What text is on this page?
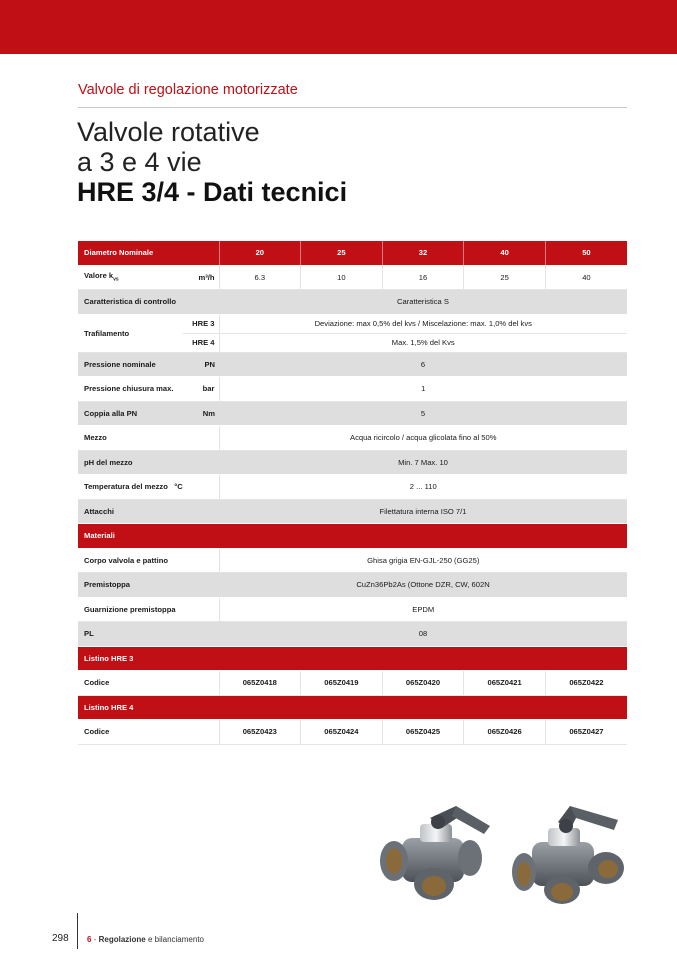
Valvole di regolazione motorizzate
Valvole rotative
a 3 e 4 vie
HRE 3/4 - Dati tecnici
Diametro Nominale		20	25	32	40	50
Valore $k_{vs}$	m³/h	6.3	10	16	25	40
Caratteristica di controllo		Caratteristica S				
Trafilamento	HRE 3	Deviazione: max 0,5% del kvs / Miscelazione: max. 1,0% del kvs				
	HRE 4	Max. 1,5% del Kvs				
Pressione nominale	PN	6				
Pressione chiusura max.	bar	1				
Coppia alla PN	Nm	5				
Mezzo		Acqua ricircolo / acqua glicolata fino al 50%				
pH del mezzo		Min. 7 Max. 10				
Temperatura del mezzo °C		2 ... 110				
Attacchi		Filettatura interna ISO 7/1				
Materiali						
Corpo valvola e pattino		Ghisa grigia EN-GJL-250 (GG25)				
Premistoppa		CuZn36Pb2As (Ottone DZR, CW, 602N				
Guarnizione premistoppa		EPDM				
PL		08				
Listino HRE 3						
Codice		065Z0418	065Z0419	065Z0420	065Z0421	065Z0422
Listino HRE 4						
Codice		065Z0423	065Z0424	065Z0425	065Z0426	065Z0427
298 6 - Regolazione e bilanciamento
